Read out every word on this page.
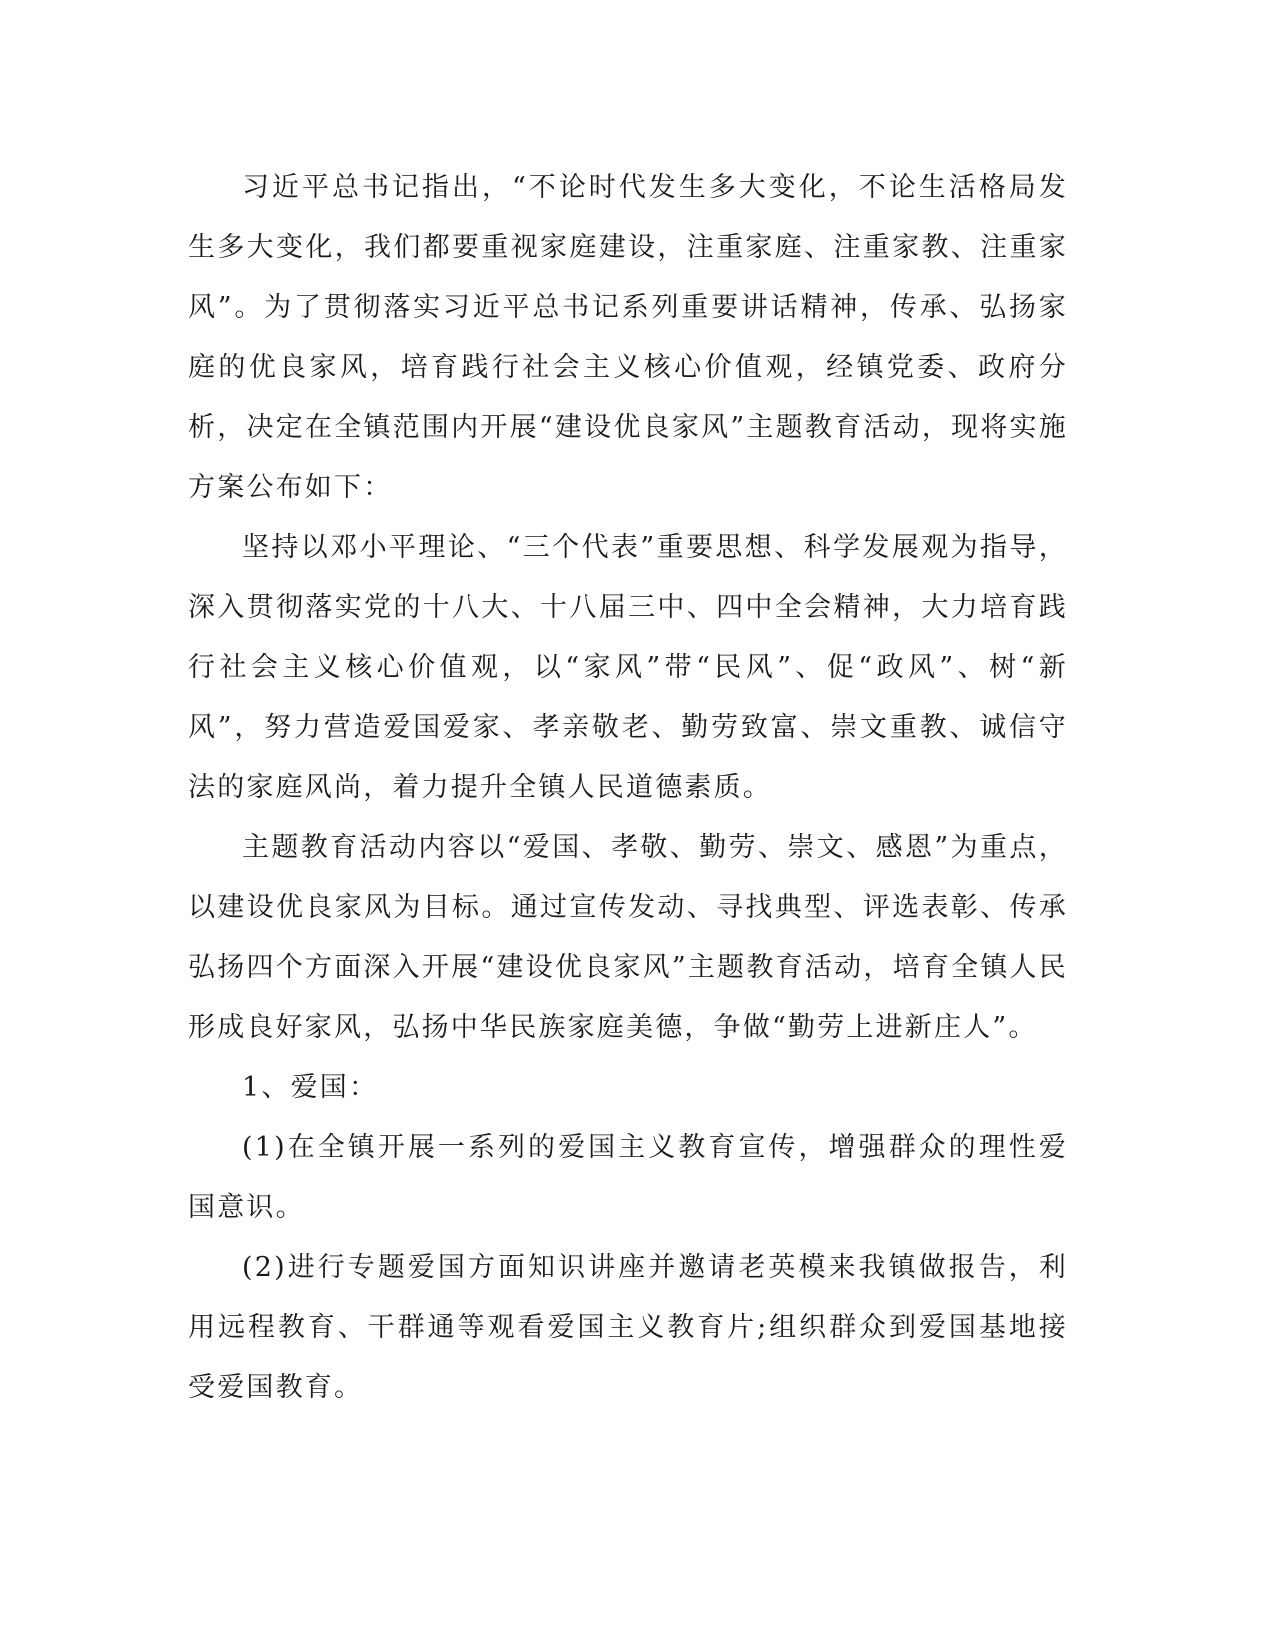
习近平总书记指出，“不论时代发生多大变化，不论生活格局发生多大变化，我们都要重视家庭建设，注重家庭、注重家教、注重家风”。为了贯彻落实习近平总书记系列重要讲话精神，传承、弘扬家庭的优良家风，培育践行社会主义核心价值观，经镇党委、政府分析，决定在全镇范围内开展“建设优良家风”主题教育活动，现将实施方案公布如下：

坚持以邓小平理论、“三个代表”重要思想、科学发展观为指导，深入贯彻落实党的十八大、十八届三中、四中全会精神，大力培育践行社会主义核心价值观，以“家风”带“民风”、促“政风”、树“新风”，努力营造爱国爱家、孝亲敬老、勤劳致富、崇文重教、诚信守法的家庭风尚，着力提升全镇人民道德素质。

主题教育活动内容以“爱国、孝敬、勤劳、崇文、感恩”为重点，以建设优良家风为目标。通过宣传发动、寻找典型、评选表彰、传承弘扬四个方面深入开展“建设优良家风”主题教育活动，培育全镇人民形成良好家风，弘扬中华民族家庭美德，争做“勤劳上进新庄人”。

1、爱国：

(1)在全镇开展一系列的爱国主义教育宣传，增强群众的理性爱国意识。

(2)进行专题爱国方面知识讲座并邀请老英模来我镇做报告，利用远程教育、干群通等观看爱国主义教育片;组织群众到爱国基地接受爱国教育。
